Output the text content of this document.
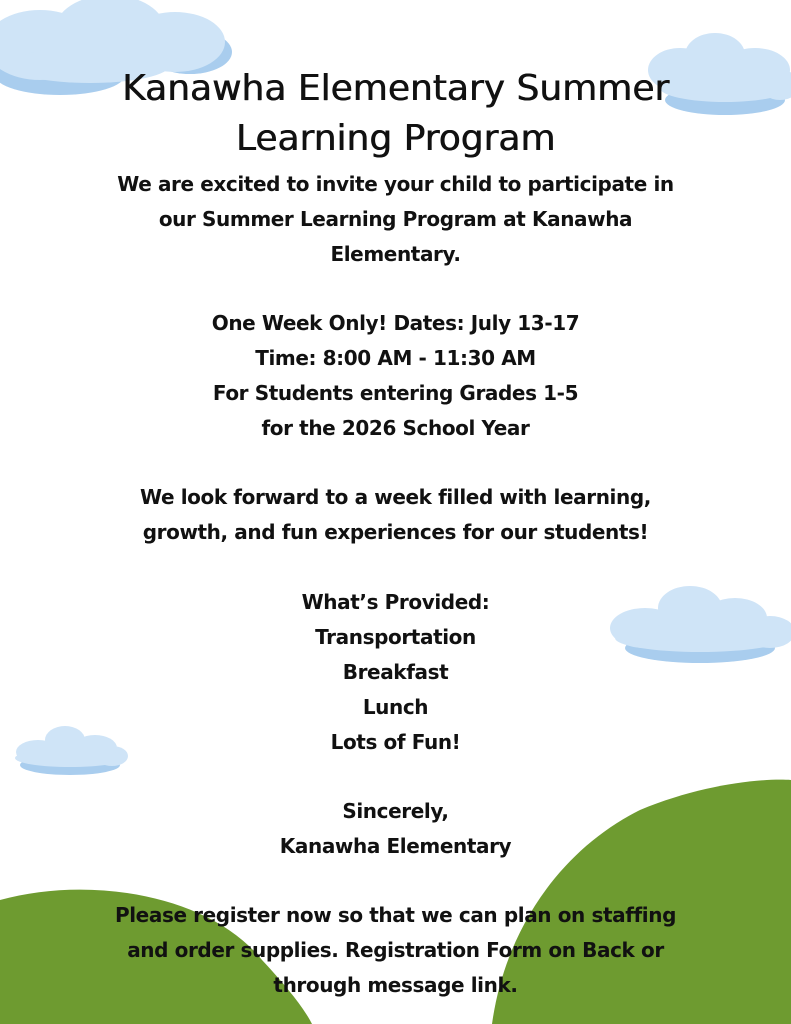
Kanawha Elementary Summer
Learning Program
We are excited to invite your child to participate in
our Summer Learning Program at Kanawha
Elementary.
One Week Only! Dates: July 13-17
Time: 8:00 AM - 11:30 AM
For Students entering Grades 1-5
for the 2026 School Year
We look forward to a week filled with learning,
growth, and fun experiences for our students!
What’s Provided:
Transportation
Breakfast
Lunch
Lots of Fun!
Sincerely,
Kanawha Elementary
Please register now so that we can plan on staffing
and order supplies. Registration Form on Back or
through message link.
